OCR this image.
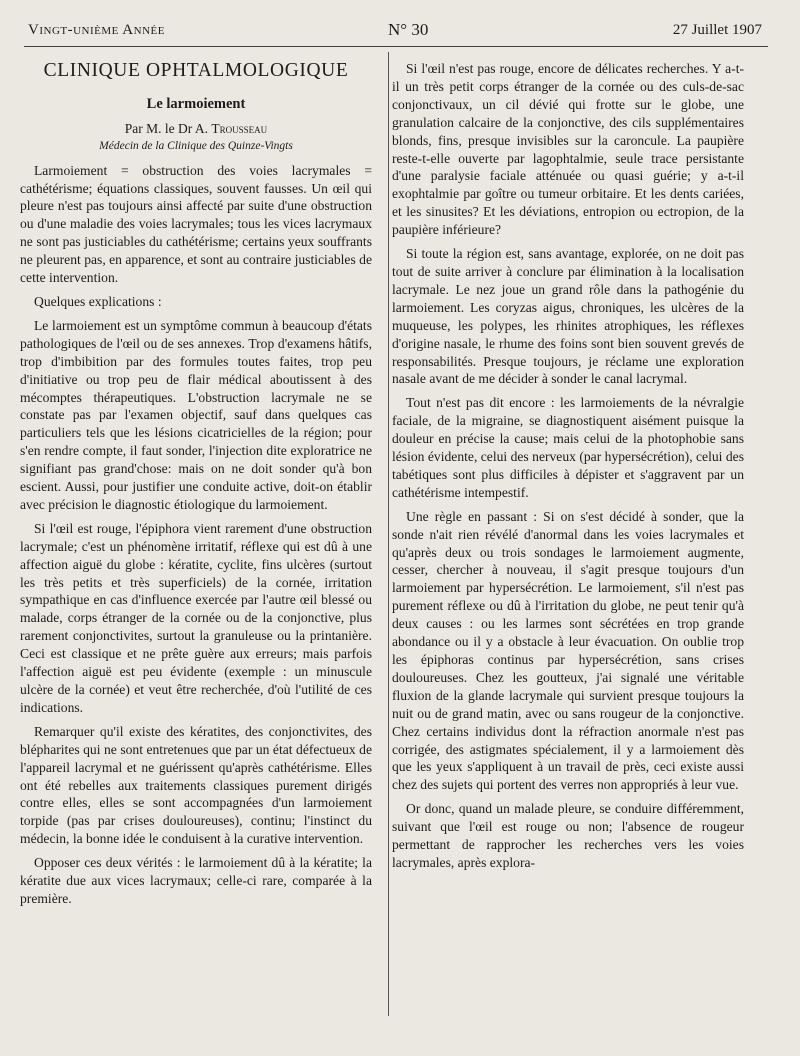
Vingt-unième Année	N° 30	27 Juillet 1907
CLINIQUE OPHTALMOLOGIQUE
Le larmoiement
Par M. le Dr A. Trousseau
Médecin de la Clinique des Quinze-Vingts

Larmoiement = obstruction des voies lacrymales = cathétérisme; équations classiques, souvent fausses. Un œil qui pleure n'est pas toujours ainsi affecté par suite d'une obstruction ou d'une maladie des voies lacrymales; tous les vices lacrymaux ne sont pas justiciables du cathétérisme; certains yeux souffrants ne pleurent pas, en apparence, et sont au contraire justiciables de cette intervention.

Quelques explications :

Le larmoiement est un symptôme commun à beaucoup d'états pathologiques de l'œil ou de ses annexes. Trop d'examens hâtifs, trop d'imbibition par des formules toutes faites, trop peu d'initiative ou trop peu de flair médical aboutissent à des mécomptes thérapeutiques. L'obstruction lacrymale ne se constate pas par l'examen objectif, sauf dans quelques cas particuliers tels que les lésions cicatricielles de la région; pour s'en rendre compte, il faut sonder, l'injection dite exploratrice ne signifiant pas grand'chose: mais on ne doit sonder qu'à bon escient. Aussi, pour justifier une conduite active, doit-on établir avec précision le diagnostic étiologique du larmoiement.

Si l'œil est rouge, l'épiphora vient rarement d'une obstruction lacrymale; c'est un phénomène irritatif, réflexe qui est dû à une affection aiguë du globe : kératite, cyclite, fins ulcères (surtout les très petits et très superficiels) de la cornée, irritation sympathique en cas d'influence exercée par l'autre œil blessé ou malade, corps étranger de la cornée ou de la conjonctive, plus rarement conjonctivites, surtout la granuleuse ou la printanière. Ceci est classique et ne prête guère aux erreurs; mais parfois l'affection aiguë est peu évidente (exemple : un minuscule ulcère de la cornée) et veut être recherchée, d'où l'utilité de ces indications.

Remarquer qu'il existe des kératites, des conjonctivites, des blépharites qui ne sont entretenues que par un état défectueux de l'appareil lacrymal et ne guérissent qu'après cathétérisme. Elles ont été rebelles aux traitements classiques purement dirigés contre elles, elles se sont accompagnées d'un larmoiement torpide (pas par crises douloureuses), continu; l'instinct du médecin, la bonne idée le conduisent à la curative intervention.

Opposer ces deux vérités : le larmoiement dû à la kératite; la kératite due aux vices lacrymaux; celle-ci rare, comparée à la première.

Si l'œil n'est pas rouge, encore de délicates recherches. Y a-t-il un très petit corps étranger de la cornée ou des culs-de-sac conjonctivaux, un cil dévié qui frotte sur le globe, une granulation calcaire de la conjonctive, des cils supplémentaires blonds, fins, presque invisibles sur la caroncule. La paupière reste-t-elle ouverte par lagophtalmie, seule trace persistante d'une paralysie faciale atténuée ou quasi guérie; y a-t-il exophtalmie par goître ou tumeur orbitaire. Et les dents cariées, et les sinusites? Et les déviations, entropion ou ectropion, de la paupière inférieure?

Si toute la région est, sans avantage, explorée, on ne doit pas tout de suite arriver à conclure par élimination à la localisation lacrymale. Le nez joue un grand rôle dans la pathogénie du larmoiement. Les coryzas aigus, chroniques, les ulcères de la muqueuse, les polypes, les rhinites atrophiques, les réflexes d'origine nasale, le rhume des foins sont bien souvent grevés de responsabilités. Presque toujours, je réclame une exploration nasale avant de me décider à sonder le canal lacrymal.

Tout n'est pas dit encore : les larmoiements de la névralgie faciale, de la migraine, se diagnostiquent aisément puisque la douleur en précise la cause; mais celui de la photophobie sans lésion évidente, celui des nerveux (par hypersécrétion), celui des tabétiques sont plus difficiles à dépister et s'aggravent par un cathétérisme intempestif.

Une règle en passant : Si on s'est décidé à sonder, que la sonde n'ait rien révélé d'anormal dans les voies lacrymales et qu'après deux ou trois sondages le larmoiement augmente, cesser, chercher à nouveau, il s'agit presque toujours d'un larmoiement par hypersécrétion. Le larmoiement, s'il n'est pas purement réflexe ou dû à l'irritation du globe, ne peut tenir qu'à deux causes : ou les larmes sont sécrétées en trop grande abondance ou il y a obstacle à leur évacuation. On oublie trop les épiphoras continus par hypersécrétion, sans crises douloureuses. Chez les goutteux, j'ai signalé une véritable fluxion de la glande lacrymale qui survient presque toujours la nuit ou de grand matin, avec ou sans rougeur de la conjonctive. Chez certains individus dont la réfraction anormale n'est pas corrigée, des astigmates spécialement, il y a larmoiement dès que les yeux s'appliquent à un travail de près, ceci existe aussi chez des sujets qui portent des verres non appropriés à leur vue.

Or donc, quand un malade pleure, se conduire différemment, suivant que l'œil est rouge ou non; l'absence de rougeur permettant de rapprocher les recherches vers les voies lacrymales, après explora-
